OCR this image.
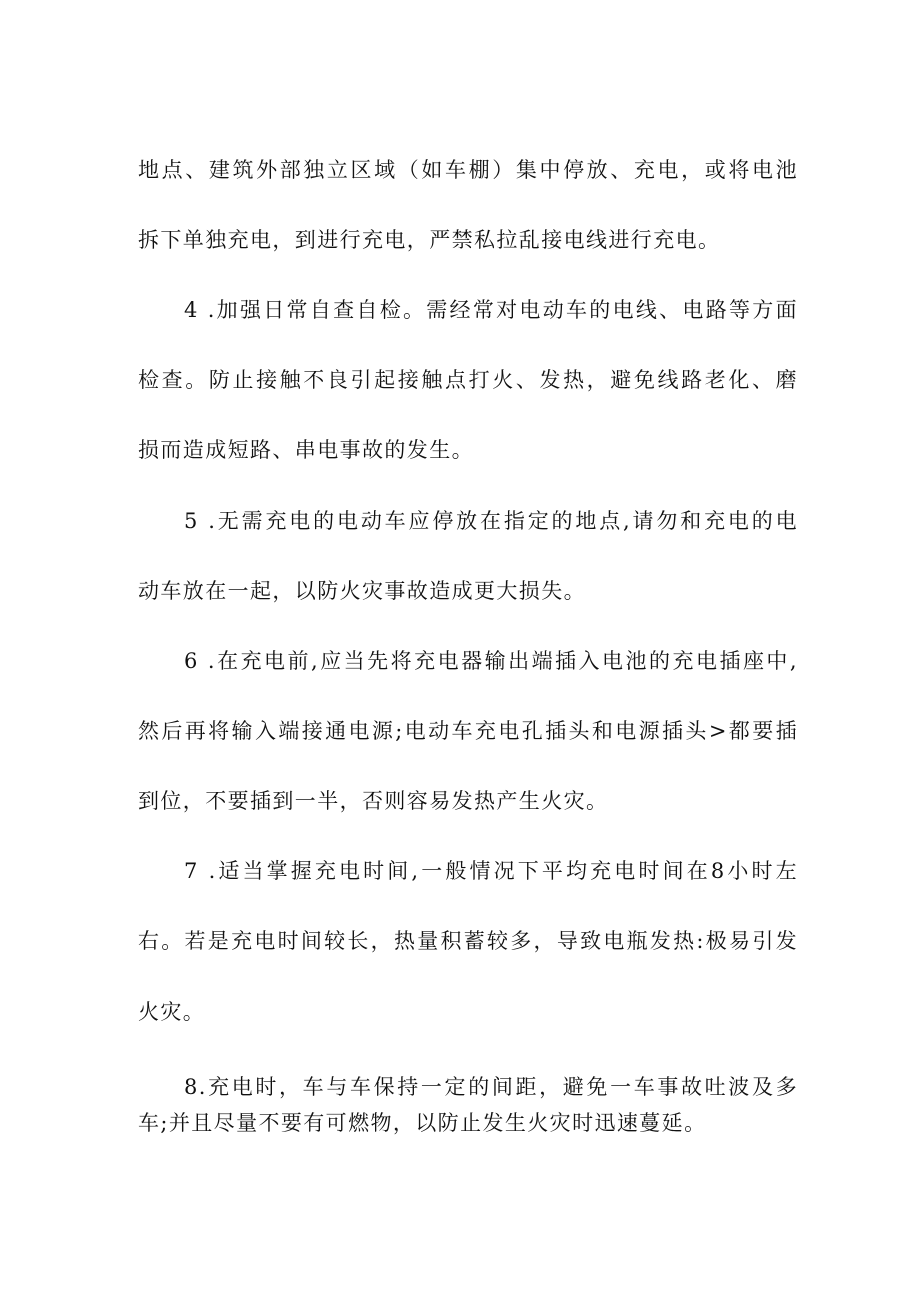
地点、建筑外部独立区域（如车棚）集中停放、充电，或将电池
拆下单独充电，到进行充电，严禁私拉乱接电线进行充电。
4 .加强日常自查自检。需经常对电动车的电线、电路等方面
检查。防止接触不良引起接触点打火、发热，避免线路老化、磨
损而造成短路、串电事故的发生。
5 .无需充电的电动车应停放在指定的地点,请勿和充电的电
动车放在一起，以防火灾事故造成更大损失。
6 .在充电前,应当先将充电器输出端插入电池的充电插座中,
然后再将输入端接通电源;电动车充电孔插头和电源插头>都要插
到位，不要插到一半，否则容易发热产生火灾。
7 .适当掌握充电时间,一般情况下平均充电时间在8小时左
右。若是充电时间较长，热量积蓄较多，导致电瓶发热:极易引发
火灾。
8.充电时，车与车保持一定的间距，避免一车事故吐波及多
车;并且尽量不要有可燃物，以防止发生火灾时迅速蔓延。
